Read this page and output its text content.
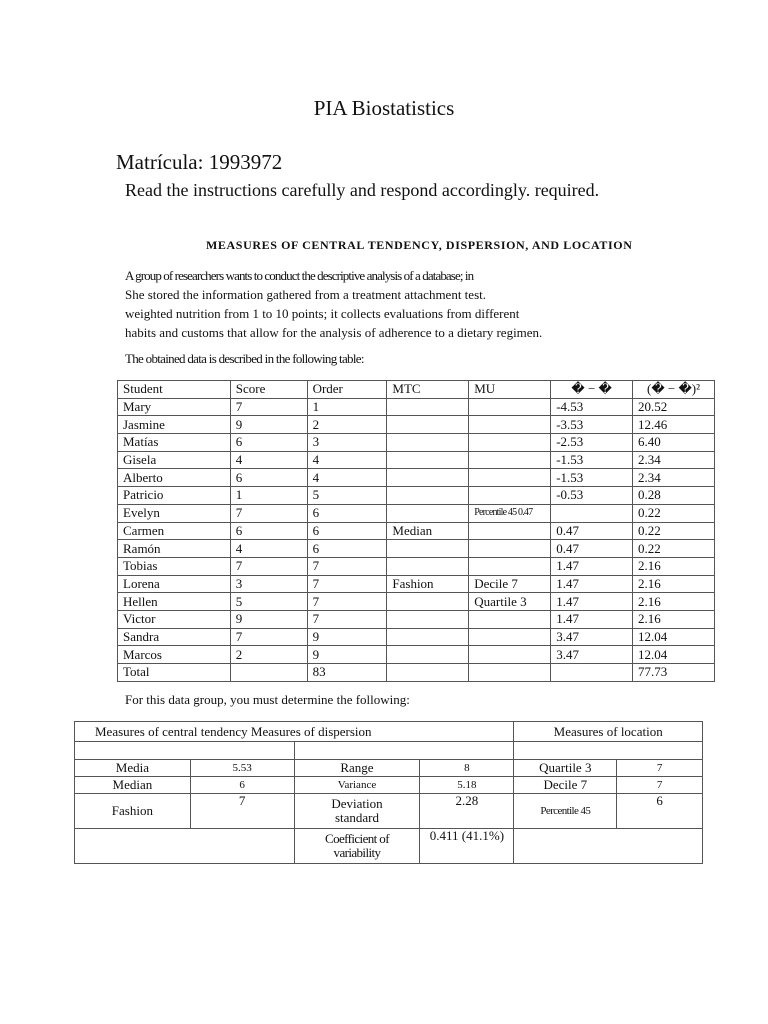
PIA Biostatistics
Matrícula: 1993972
Read the instructions carefully and respond accordingly. required.
MEASURES OF CENTRAL TENDENCY, DISPERSION, AND LOCATION

A group of researchers wants to conduct the descriptive analysis of a database; in

She stored the information gathered from a treatment attachment test.

weighted nutrition from 1 to 10 points; it collects evaluations from different

habits and customs that allow for the analysis of adherence to a dietary regimen.

The obtained data is described in the following table:
Student	Score	Order	MTC	MU	� − �	(� − �)²
Mary	7	1			-4.53	20.52
Jasmine	9	2			-3.53	12.46
Matías	6	3			-2.53	6.40
Gisela	4	4			-1.53	2.34
Alberto	6	4			-1.53	2.34
Patricio	1	5			-0.53	0.28
Evelyn	7	6		Percentile 45 0.47		0.22
Carmen	6	6	Median		0.47	0.22
Ramón	4	6			0.47	0.22
Tobias	7	7			1.47	2.16
Lorena	3	7	Fashion	Decile 7	1.47	2.16
Hellen	5	7		Quartile 3	1.47	2.16
Victor	9	7			1.47	2.16
Sandra	7	9			3.47	12.04
Marcos	2	9			3.47	12.04
Total		83				77.73
For this data group, you must determine the following:
Measures of central tendency Measures of dispersion				Measures of location	

Media	5.53	Range	8	Quartile 3	7
Median	6	Variance	5.18	Decile 7	7
Fashion	7	Deviation standard	2.28	Percentile 45	6
		Coefficient of variability	0.411 (41.1%)		
